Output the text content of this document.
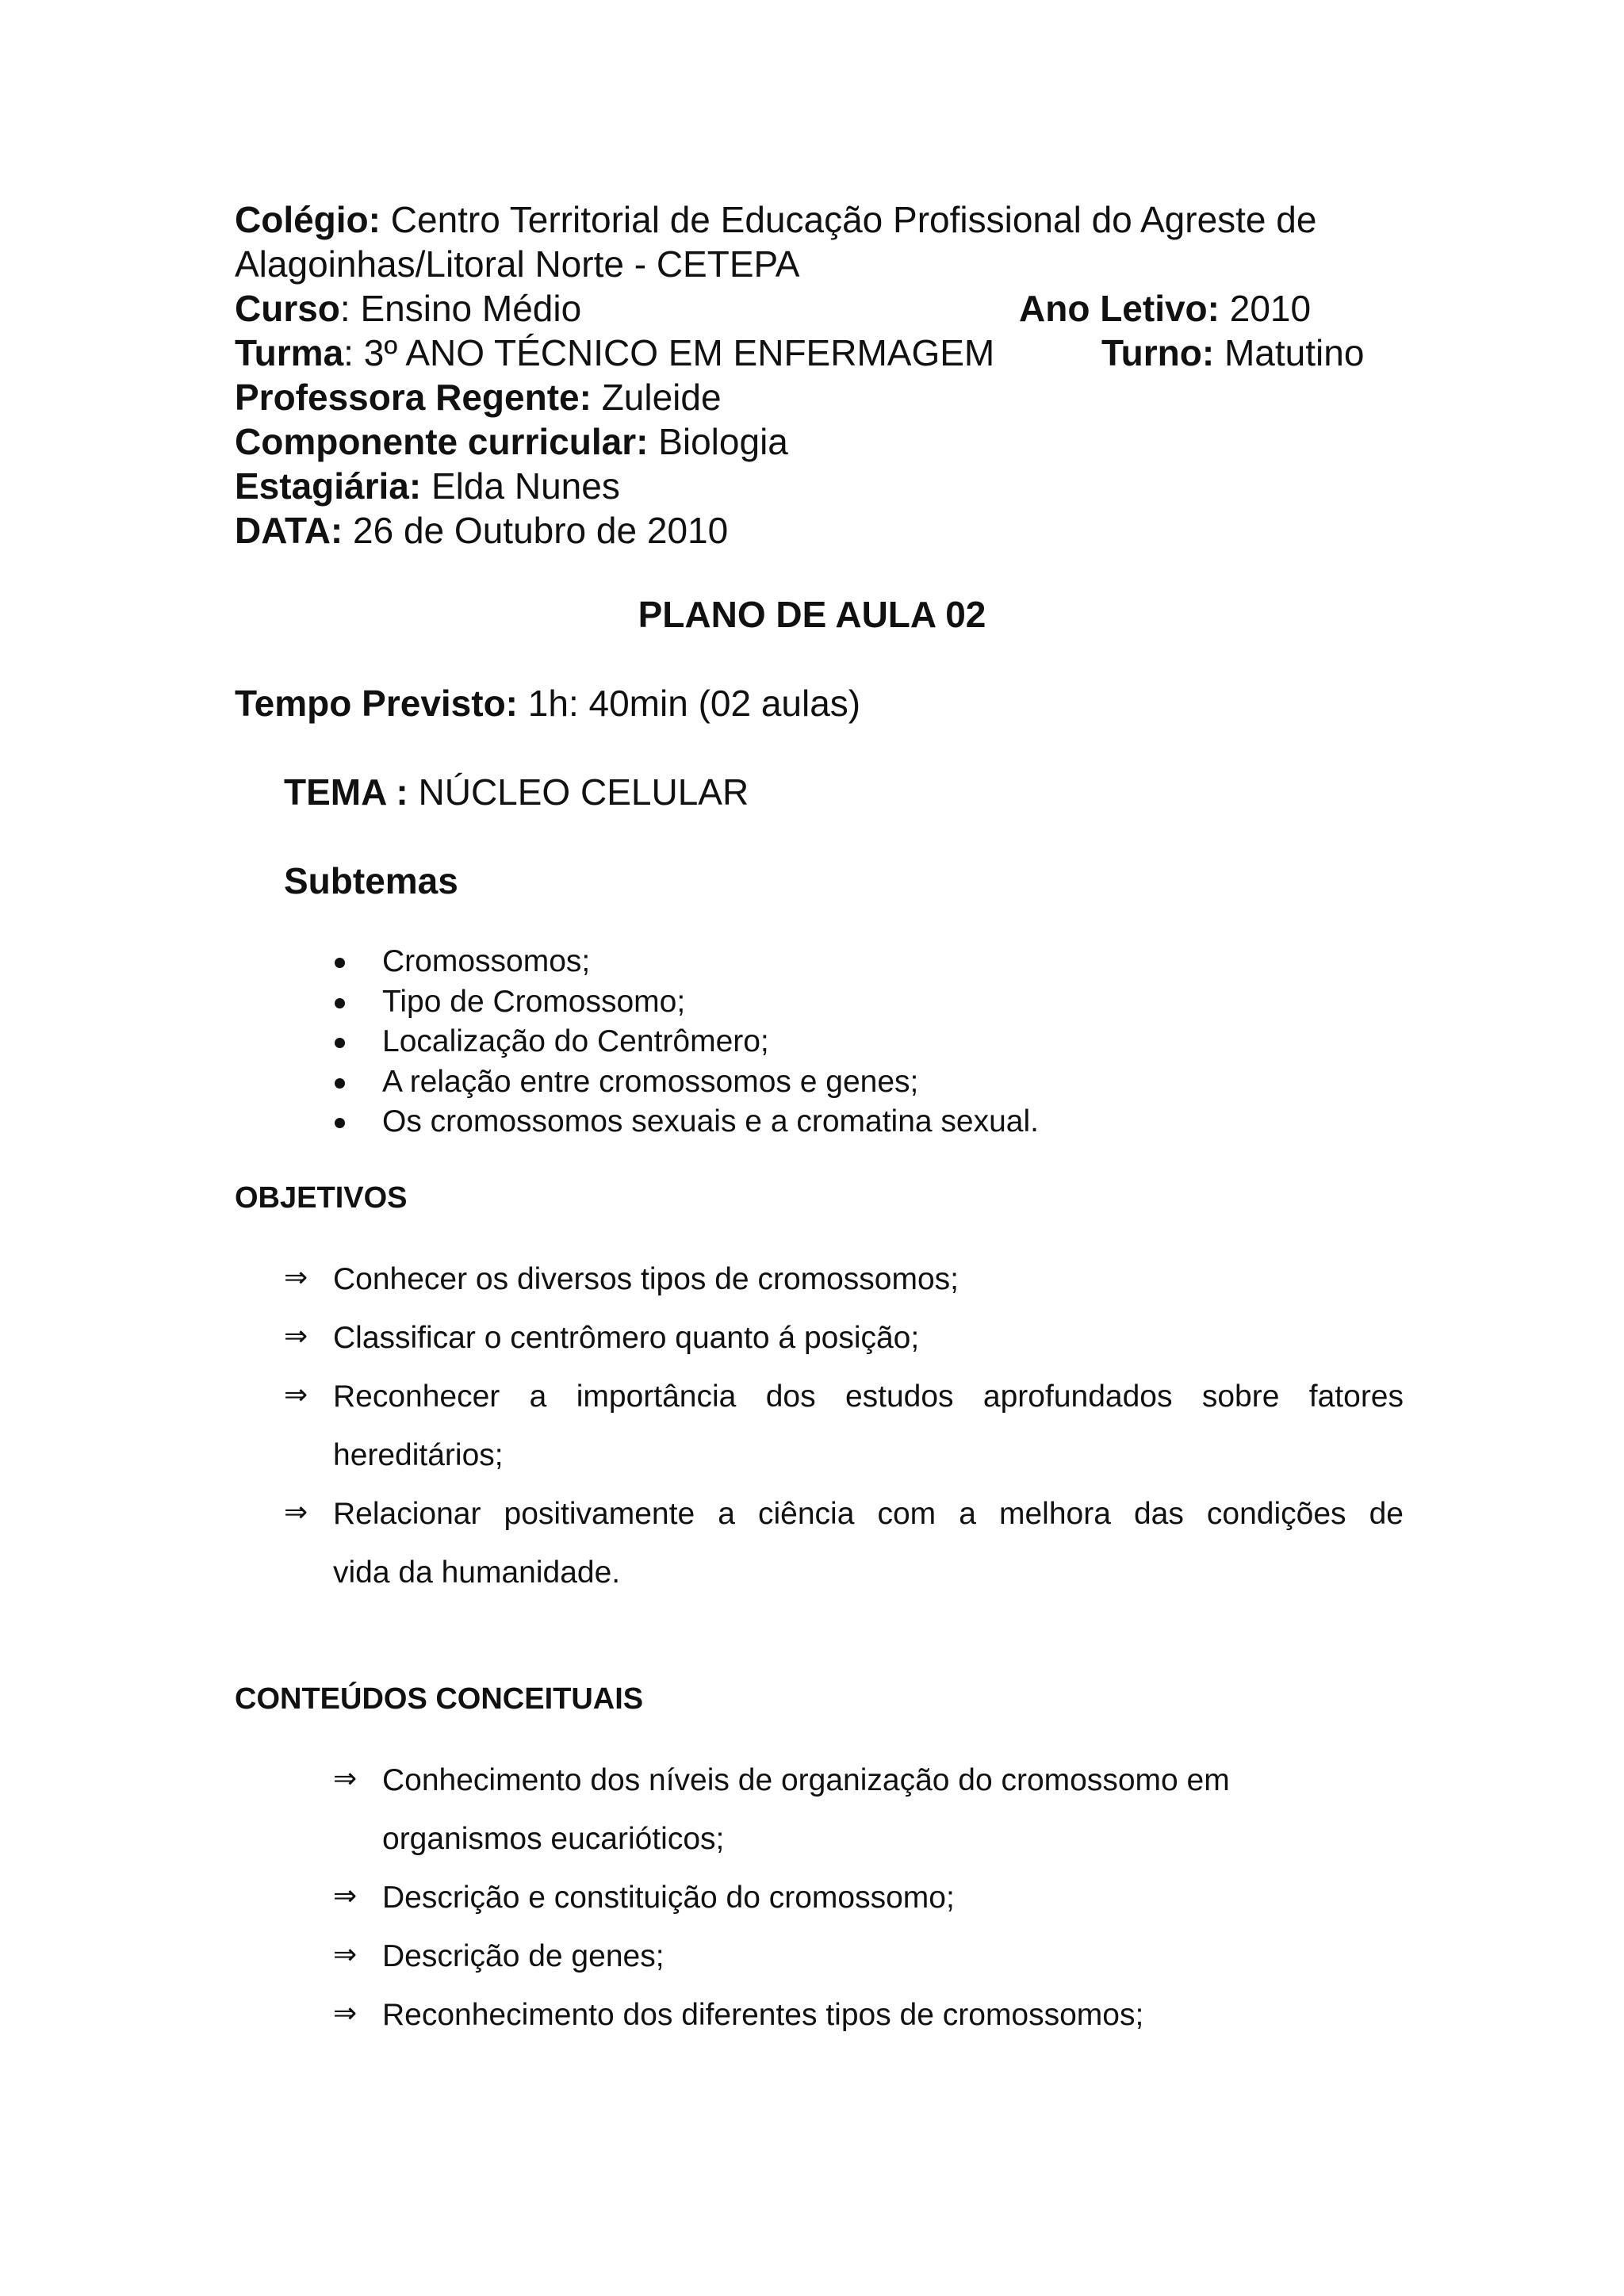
Colégio: Centro Territorial de Educação Profissional do Agreste de
Alagoinhas/Litoral Norte - CETEPA
Curso: Ensino Médio	Ano Letivo: 2010
Turma: 3º ANO TÉCNICO EM ENFERMAGEM	Turno: Matutino
Professora Regente: Zuleide
Componente curricular: Biologia
Estagiária: Elda Nunes
DATA: 26 de Outubro de 2010
PLANO DE AULA 02
Tempo Previsto: 1h: 40min (02 aulas)
TEMA : NÚCLEO CELULAR
Subtemas
Cromossomos;
Tipo de Cromossomo;
Localização do Centrômero;
A relação entre cromossomos e genes;
Os cromossomos sexuais e a cromatina sexual.
OBJETIVOS
⇒ Conhecer os diversos tipos de cromossomos;
⇒ Classificar o centrômero quanto á posição;
⇒ Reconhecer a importância dos estudos aprofundados sobre fatores
hereditários;
⇒ Relacionar positivamente a ciência com a melhora das condições de
vida da humanidade.
CONTEÚDOS CONCEITUAIS
⇒ Conhecimento dos níveis de organização do cromossomo em
organismos eucarióticos;
⇒ Descrição e constituição do cromossomo;
⇒ Descrição de genes;
⇒ Reconhecimento dos diferentes tipos de cromossomos;
